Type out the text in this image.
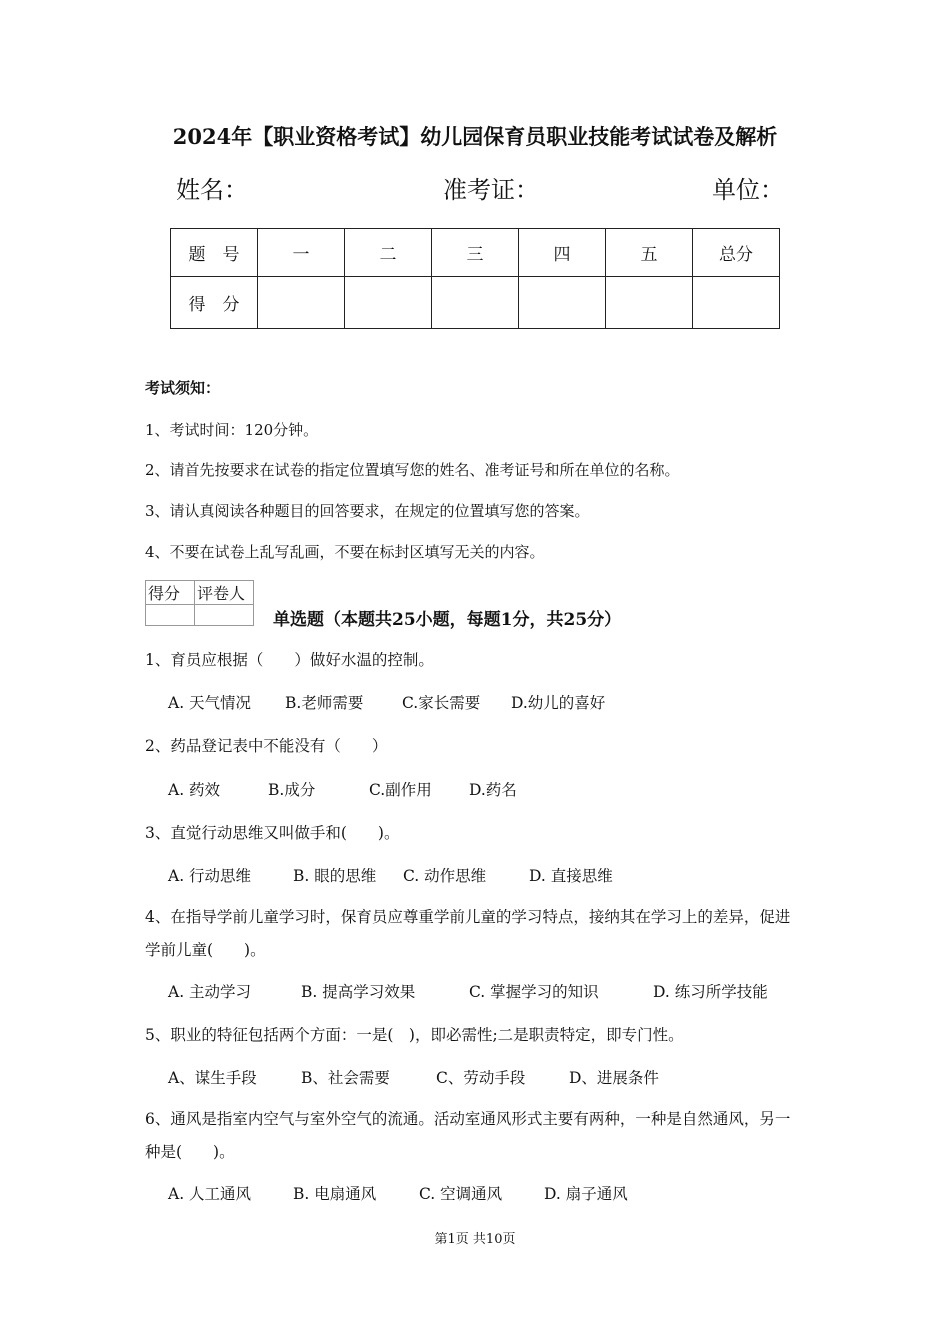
2024年【职业资格考试】幼儿园保育员职业技能考试试卷及解析
姓名：	准考证：	单位：
题　号	一	二	三	四	五	总分
得　分						
考试须知：
1、考试时间：120分钟。
2、请首先按要求在试卷的指定位置填写您的姓名、准考证号和所在单位的名称。
3、请认真阅读各种题目的回答要求，在规定的位置填写您的答案。
4、不要在试卷上乱写乱画，不要在标封区填写无关的内容。
得分	评卷人

单选题（本题共25小题，每题1分，共25分）
1、育员应根据（　　）做好水温的控制。
A. 天气情况 B.老师需要 C.家长需要 D.幼儿的喜好
2、药品登记表中不能没有（　　）
A. 药效	B.成分	C.副作用 D.药名
3、直觉行动思维又叫做手和(　　)。
A. 行动思维	B. 眼的思维 C. 动作思维	D. 直接思维
4、在指导学前儿童学习时，保育员应尊重学前儿童的学习特点，接纳其在学习上的差异，促进学前儿童(　　)。
A. 主动学习	B. 提高学习效果	C. 掌握学习的知识	D. 练习所学技能
5、职业的特征包括两个方面：一是(　)，即必需性;二是职责特定，即专门性。
A、谋生手段	B、社会需要	C、劳动手段	D、进展条件
6、通风是指室内空气与室外空气的流通。活动室通风形式主要有两种，一种是自然通风，另一种是(　　)。
A. 人工通风	B. 电扇通风	C. 空调通风	D. 扇子通风
第1页 共10页
